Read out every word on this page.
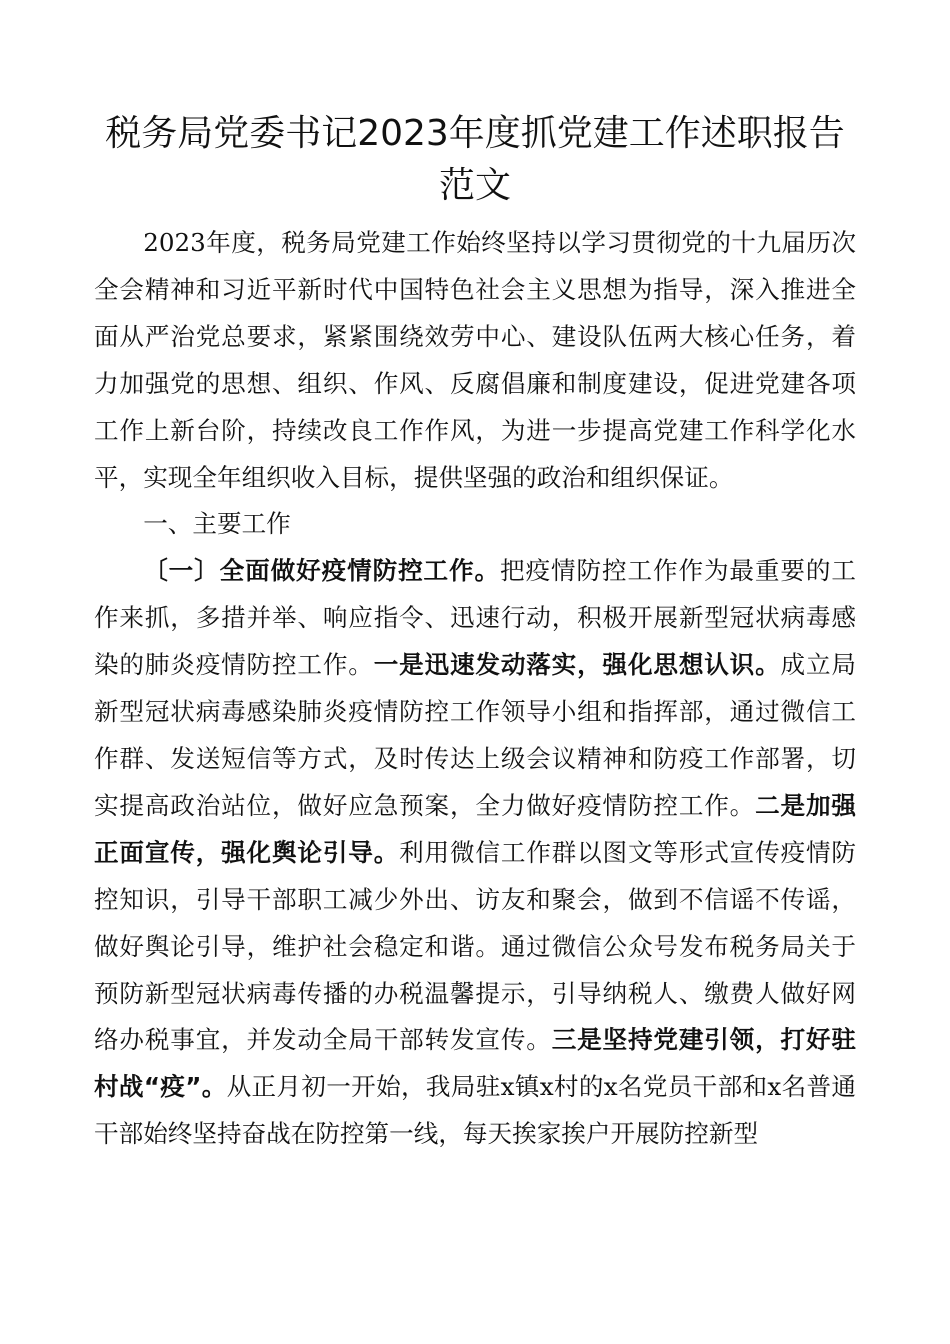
税务局党委书记2023年度抓党建工作述职报告范文

2023年度，税务局党建工作始终坚持以学习贯彻党的十九届历次全会精神和习近平新时代中国特色社会主义思想为指导，深入推进全面从严治党总要求，紧紧围绕效劳中心、建设队伍两大核心任务，着力加强党的思想、组织、作风、反腐倡廉和制度建设，促进党建各项工作上新台阶，持续改良工作作风，为进一步提高党建工作科学化水平，实现全年组织收入目标，提供坚强的政治和组织保证。

一、主要工作

〔一〕全面做好疫情防控工作。把疫情防控工作作为最重要的工作来抓，多措并举、响应指令、迅速行动，积极开展新型冠状病毒感染的肺炎疫情防控工作。一是迅速发动落实，强化思想认识。成立局新型冠状病毒感染肺炎疫情防控工作领导小组和指挥部，通过微信工作群、发送短信等方式，及时传达上级会议精神和防疫工作部署，切实提高政治站位，做好应急预案，全力做好疫情防控工作。二是加强正面宣传，强化舆论引导。利用微信工作群以图文等形式宣传疫情防控知识，引导干部职工减少外出、访友和聚会，做到不信谣不传谣，做好舆论引导，维护社会稳定和谐。通过微信公众号发布税务局关于预防新型冠状病毒传播的办税温馨提示，引导纳税人、缴费人做好网络办税事宜，并发动全局干部转发宣传。三是坚持党建引领，打好驻村战“疫”。从正月初一开始，我局驻x镇x村的x名党员干部和x名普通干部始终坚持奋战在防控第一线，每天挨家挨户开展防控新型
